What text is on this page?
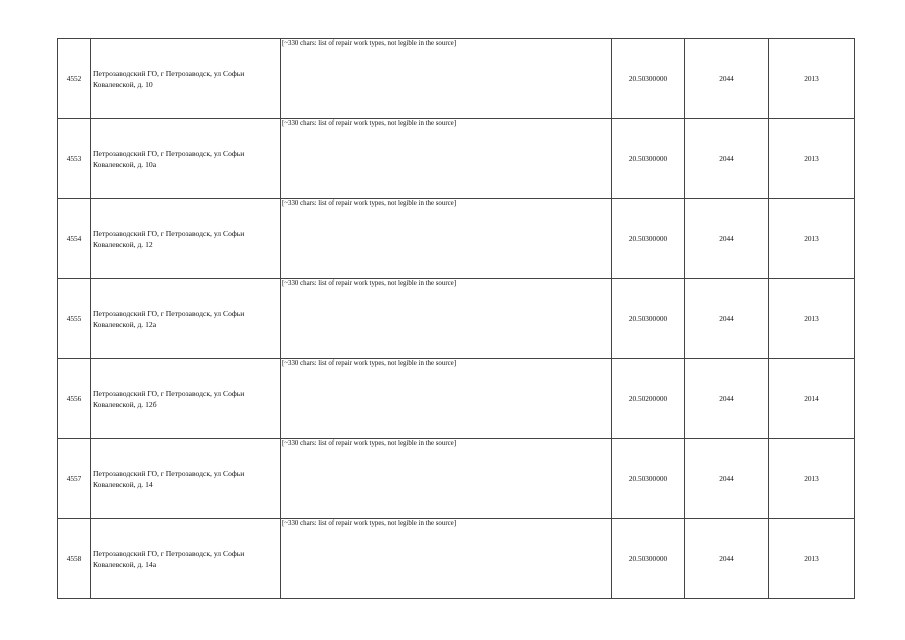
4552	Петрозаводский ГО, г Петрозаводск, ул Софьи Ковалевской, д. 10	[~330 chars: list of repair work types, not legible in the source]	20.50300000	2044	2013
4553	Петрозаводский ГО, г Петрозаводск, ул Софьи Ковалевской, д. 10а	[~330 chars: list of repair work types, not legible in the source]	20.50300000	2044	2013
4554	Петрозаводский ГО, г Петрозаводск, ул Софьи Ковалевской, д. 12	[~330 chars: list of repair work types, not legible in the source]	20.50300000	2044	2013
4555	Петрозаводский ГО, г Петрозаводск, ул Софьи Ковалевской, д. 12а	[~330 chars: list of repair work types, not legible in the source]	20.50300000	2044	2013
4556	Петрозаводский ГО, г Петрозаводск, ул Софьи Ковалевской, д. 12б	[~330 chars: list of repair work types, not legible in the source]	20.50200000	2044	2014
4557	Петрозаводский ГО, г Петрозаводск, ул Софьи Ковалевской, д. 14	[~330 chars: list of repair work types, not legible in the source]	20.50300000	2044	2013
4558	Петрозаводский ГО, г Петрозаводск, ул Софьи Ковалевской, д. 14а	[~330 chars: list of repair work types, not legible in the source]	20.50300000	2044	2013
